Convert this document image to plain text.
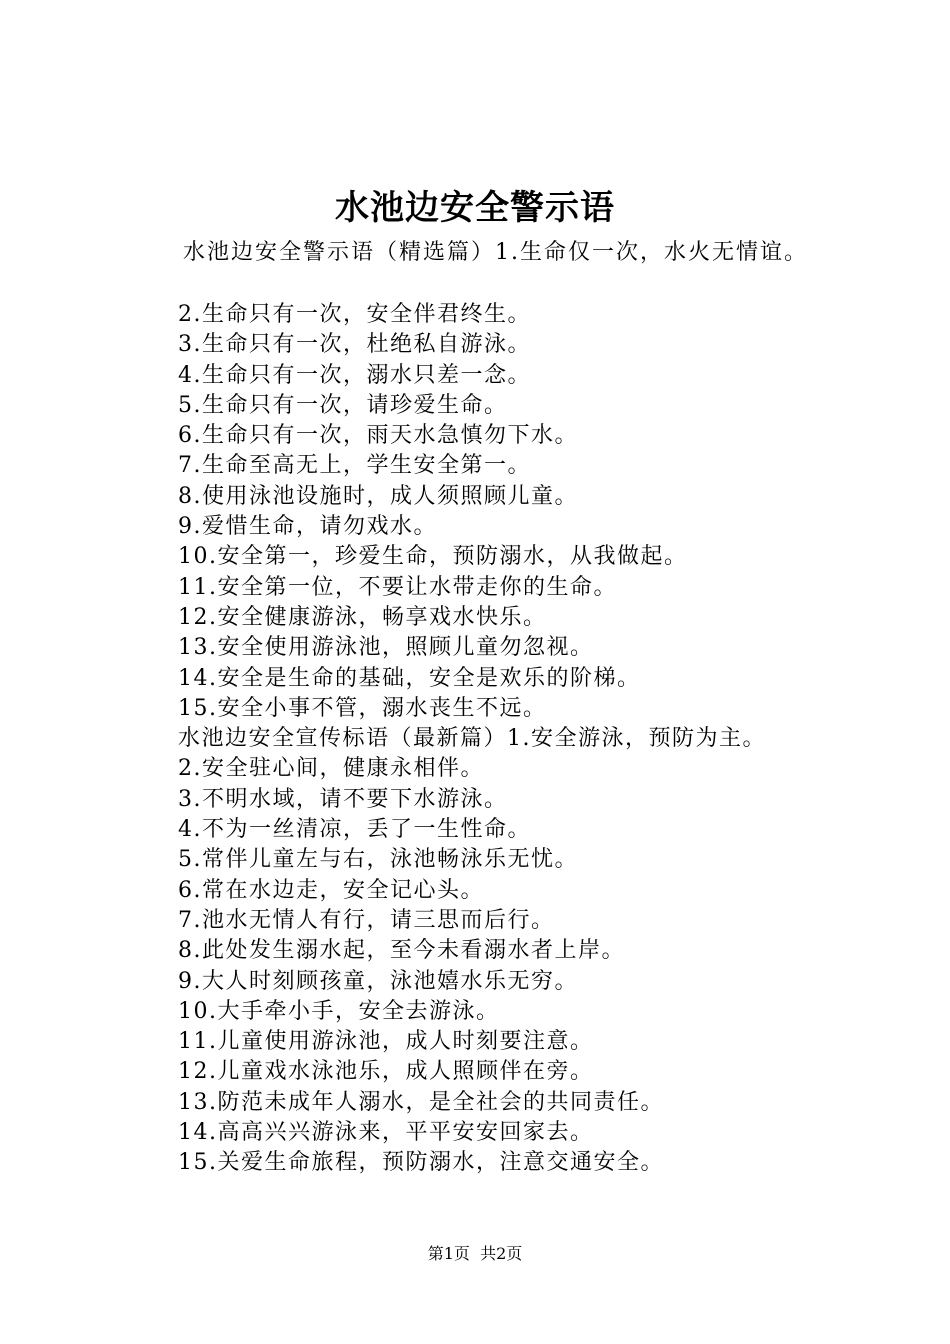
水池边安全警示语
水池边安全警示语（精选篇）1.生命仅一次，水火无情谊。
2.生命只有一次，安全伴君终生。
3.生命只有一次，杜绝私自游泳。
4.生命只有一次，溺水只差一念。
5.生命只有一次，请珍爱生命。
6.生命只有一次，雨天水急慎勿下水。
7.生命至高无上，学生安全第一。
8.使用泳池设施时，成人须照顾儿童。
9.爱惜生命，请勿戏水。
10.安全第一，珍爱生命，预防溺水，从我做起。
11.安全第一位，不要让水带走你的生命。
12.安全健康游泳，畅享戏水快乐。
13.安全使用游泳池，照顾儿童勿忽视。
14.安全是生命的基础，安全是欢乐的阶梯。
15.安全小事不管，溺水丧生不远。
水池边安全宣传标语（最新篇）1.安全游泳，预防为主。
2.安全驻心间，健康永相伴。
3.不明水域，请不要下水游泳。
4.不为一丝清凉，丢了一生性命。
5.常伴儿童左与右，泳池畅泳乐无忧。
6.常在水边走，安全记心头。
7.池水无情人有行，请三思而后行。
8.此处发生溺水起，至今未看溺水者上岸。
9.大人时刻顾孩童，泳池嬉水乐无穷。
10.大手牵小手，安全去游泳。
11.儿童使用游泳池，成人时刻要注意。
12.儿童戏水泳池乐，成人照顾伴在旁。
13.防范未成年人溺水，是全社会的共同责任。
14.高高兴兴游泳来，平平安安回家去。
15.关爱生命旅程，预防溺水，注意交通安全。
第1页  共2页
